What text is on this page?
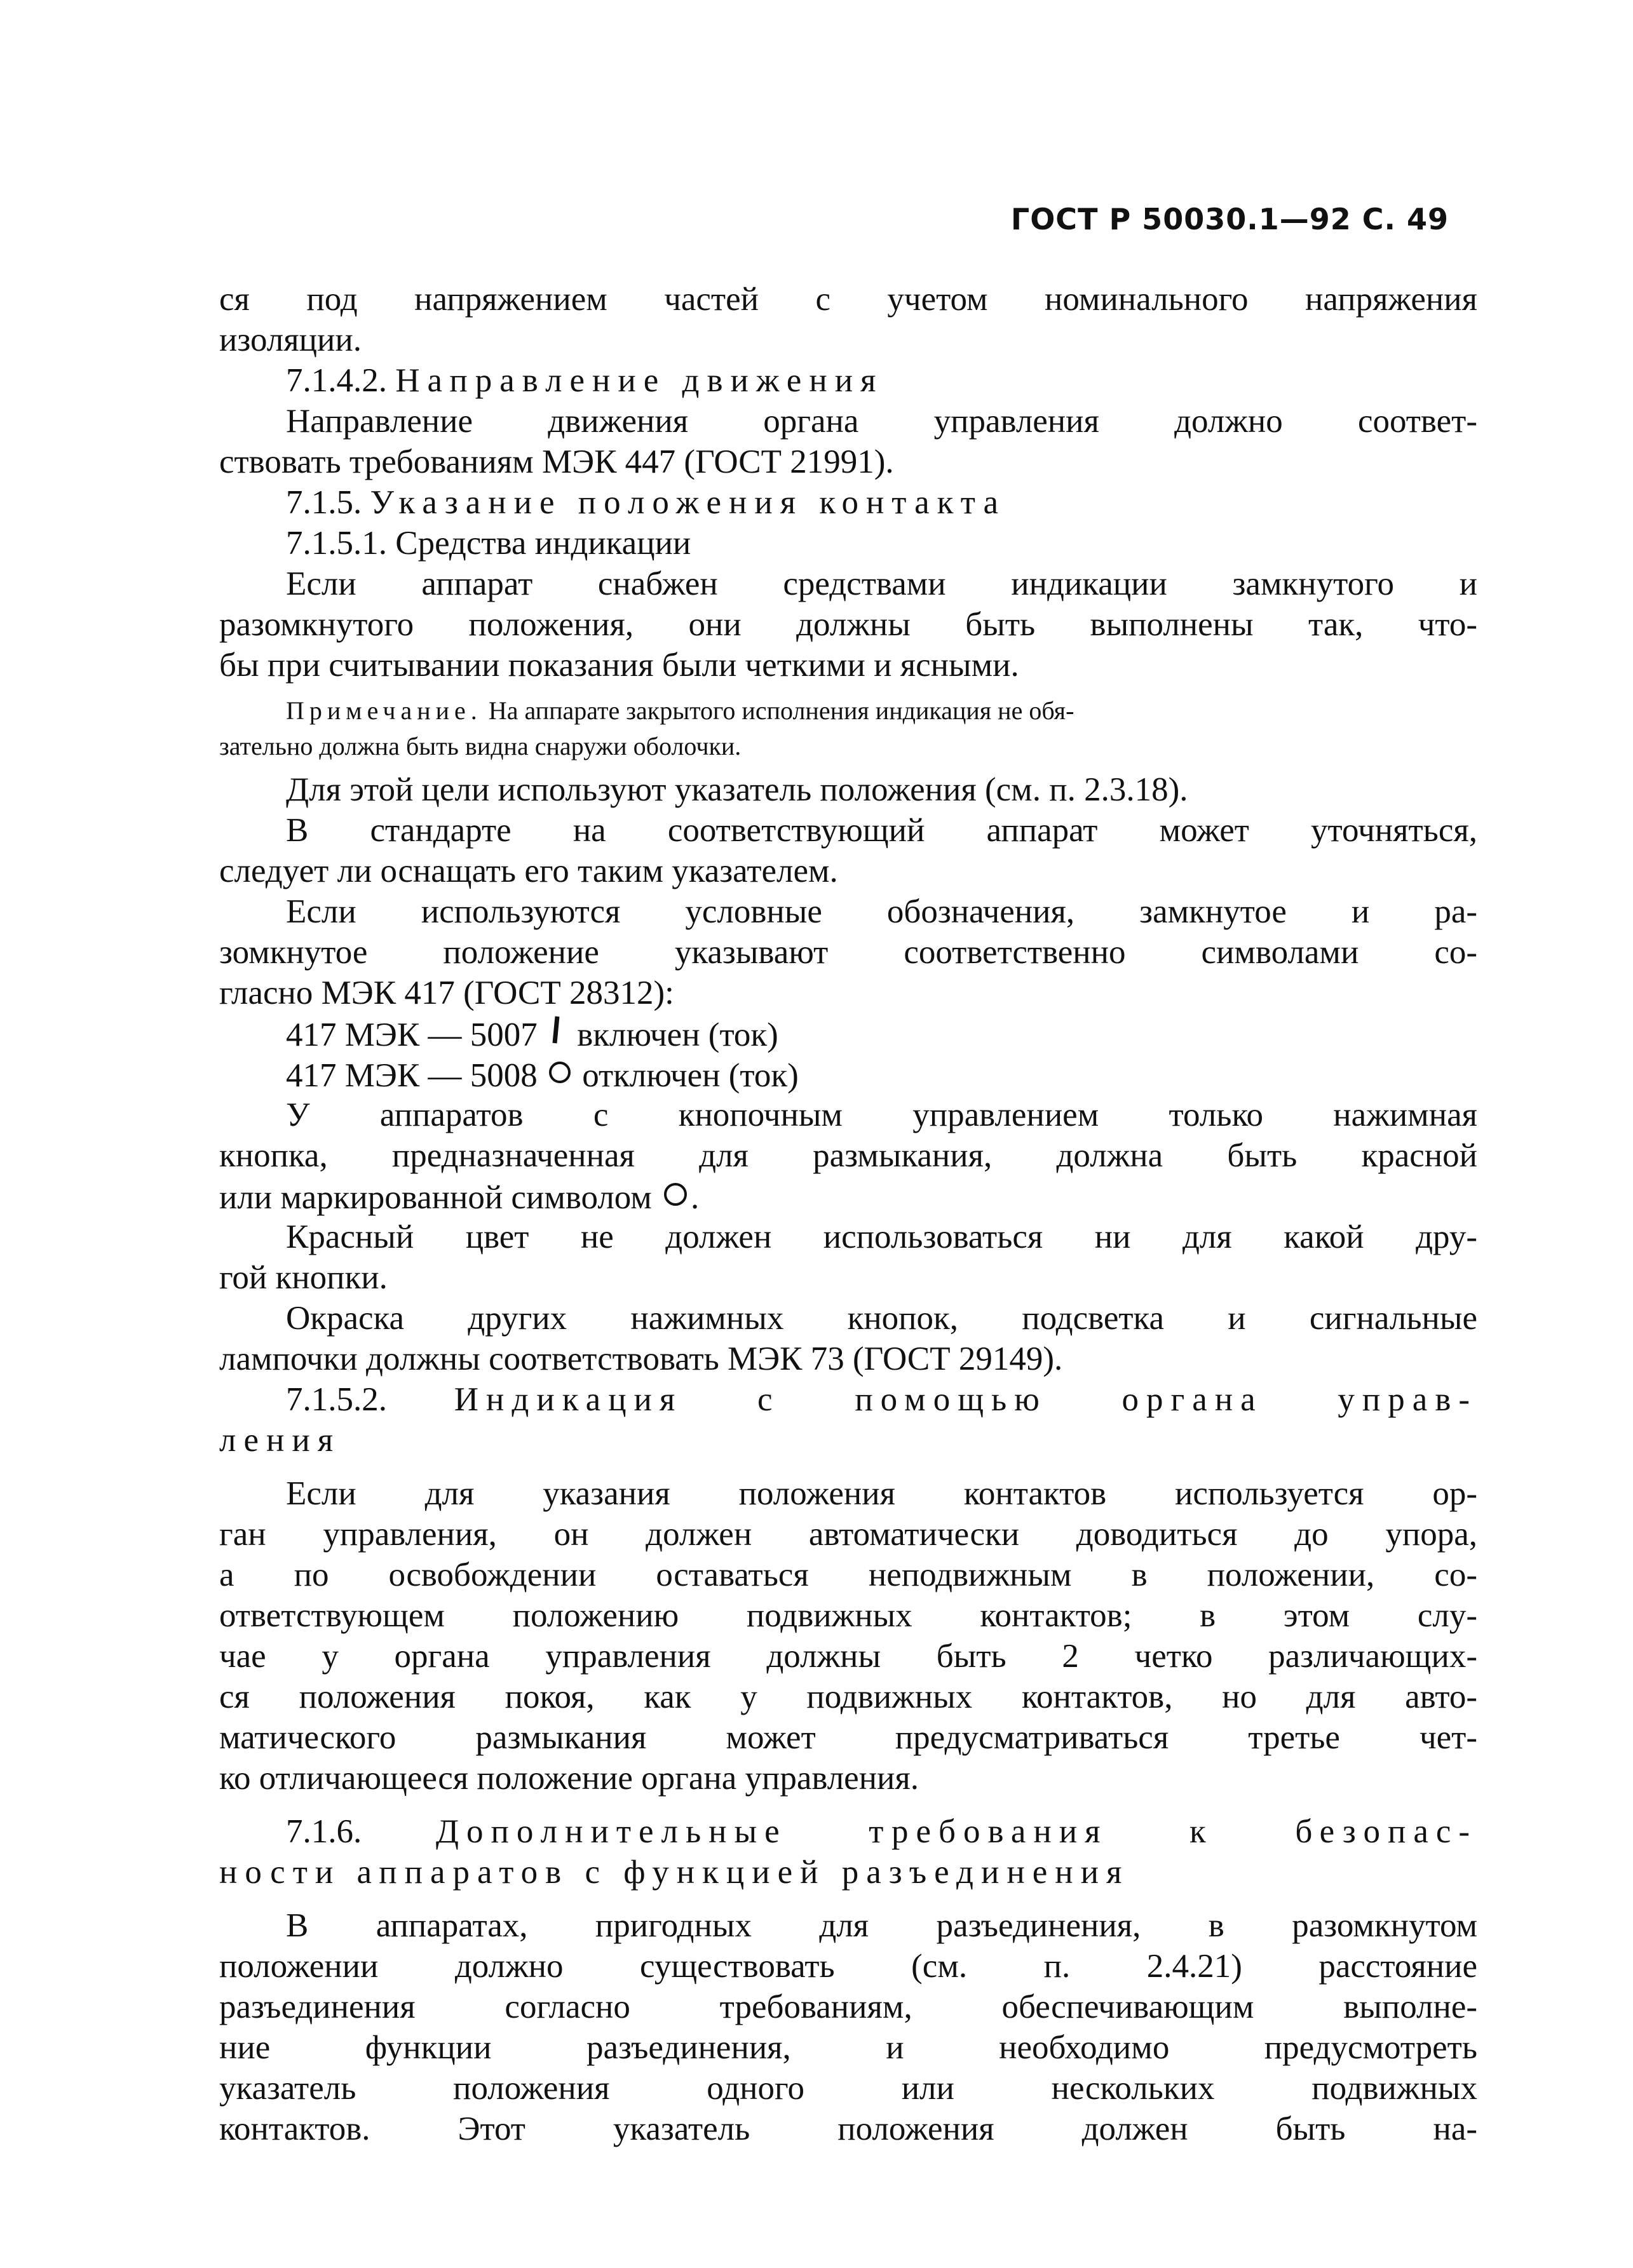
ГОСТ Р 50030.1—92 С. 49
ся под напряжением частей с учетом номинального напряжения
изоляции.
7.1.4.2. Направление движения
Направление движения органа управления должно соответ-
ствовать требованиям МЭК 447 (ГОСТ 21991).
7.1.5. Указание положения контакта
7.1.5.1. Средства индикации
Если аппарат снабжен средствами индикации замкнутого и
разомкнутого положения, они должны быть выполнены так, что-
бы при считывании показания были четкими и ясными.
Примечание. На аппарате закрытого исполнения индикация не обя-
зательно должна быть видна снаружи оболочки.
Для этой цели используют указатель положения (см. п. 2.3.18).
В стандарте на соответствующий аппарат может уточняться,
следует ли оснащать его таким указателем.
Если используются условные обозначения, замкнутое и ра-
зомкнутое положение указывают соответственно символами со-
гласно МЭК 417 (ГОСТ 28312):
417 МЭК — 5007 включен (ток)
417 МЭК — 5008 отключен (ток)
У аппаратов с кнопочным управлением только нажимная
кнопка, предназначенная для размыкания, должна быть красной
или маркированной символом .
Красный цвет не должен использоваться ни для какой дру-
гой кнопки.
Окраска других нажимных кнопок, подсветка и сигнальные
лампочки должны соответствовать МЭК 73 (ГОСТ 29149).
7.1.5.2. Индикация с помощью органа управ-
ления
Если для указания положения контактов используется ор-
ган управления, он должен автоматически доводиться до упора,
а по освобождении оставаться неподвижным в положении, со-
ответствующем положению подвижных контактов; в этом слу-
чае у органа управления должны быть 2 четко различающих-
ся положения покоя, как у подвижных контактов, но для авто-
матического размыкания может предусматриваться третье чет-
ко отличающееся положение органа управления.
7.1.6. Дополнительные требования к безопас-
ности аппаратов с функцией разъединения
В аппаратах, пригодных для разъединения, в разомкнутом
положении должно существовать (см. п. 2.4.21) расстояние
разъединения согласно требованиям, обеспечивающим выполне-
ние функции разъединения, и необходимо предусмотреть
указатель положения одного или нескольких подвижных
контактов. Этот указатель положения должен быть на-
